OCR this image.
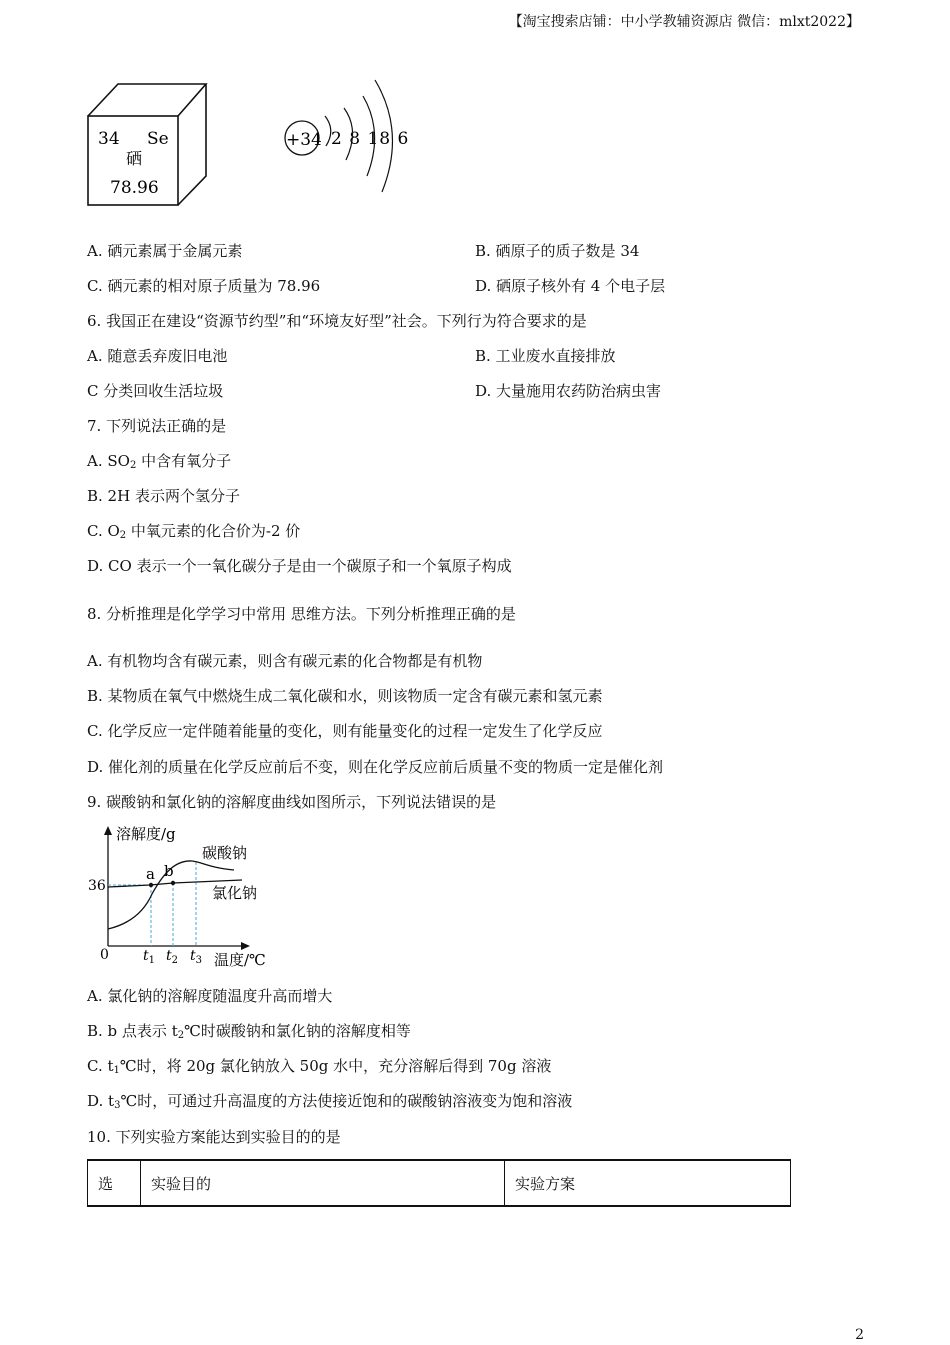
【淘宝搜索店铺：中小学教辅资源店 微信：mlxt2022】
34 Se
硒
78.96
+34 2 8 18 6
A. 硒元素属于金属元素	B. 硒原子的质子数是 34
C. 硒元素的相对原子质量为 78.96	D. 硒原子核外有 4 个电子层
6. 我国正在建设“资源节约型”和“环境友好型”社会。下列行为符合要求的是
A. 随意丢弃废旧电池	B. 工业废水直接排放
C 分类回收生活垃圾	D. 大量施用农药防治病虫害
7. 下列说法正确的是
A. $SO_2$ 中含有氧分子
B. 2H 表示两个氢分子
C. $O_2$ 中氧元素的化合价为-2 价
D. CO 表示一个一氧化碳分子是由一个碳原子和一个氧原子构成
8. 分析推理是化学学习中常用 思维方法。下列分析推理正确的是
A. 有机物均含有碳元素，则含有碳元素的化合物都是有机物
B. 某物质在氧气中燃烧生成二氧化碳和水，则该物质一定含有碳元素和氢元素
C. 化学反应一定伴随着能量的变化，则有能量变化的过程一定发生了化学反应
D. 催化剂的质量在化学反应前后不变，则在化学反应前后质量不变的物质一定是催化剂
9. 碳酸钠和氯化钠的溶解度曲线如图所示，下列说法错误的是
溶解度/g
温度/℃
0
36
a b
碳酸钠
氯化钠
$t_1$ $t_2$ $t_3$
A. 氯化钠的溶解度随温度升高而增大
B. b 点表示 $t_2℃$时碳酸钠和氯化钠的溶解度相等
C. $t_1℃$时，将 20g 氯化钠放入 50g 水中，充分溶解后得到 70g 溶液
D. $t_3℃$时，可通过升高温度的方法使接近饱和的碳酸钠溶液变为饱和溶液
10. 下列实验方案能达到实验目的的是
选	实验目的	实验方案
2
